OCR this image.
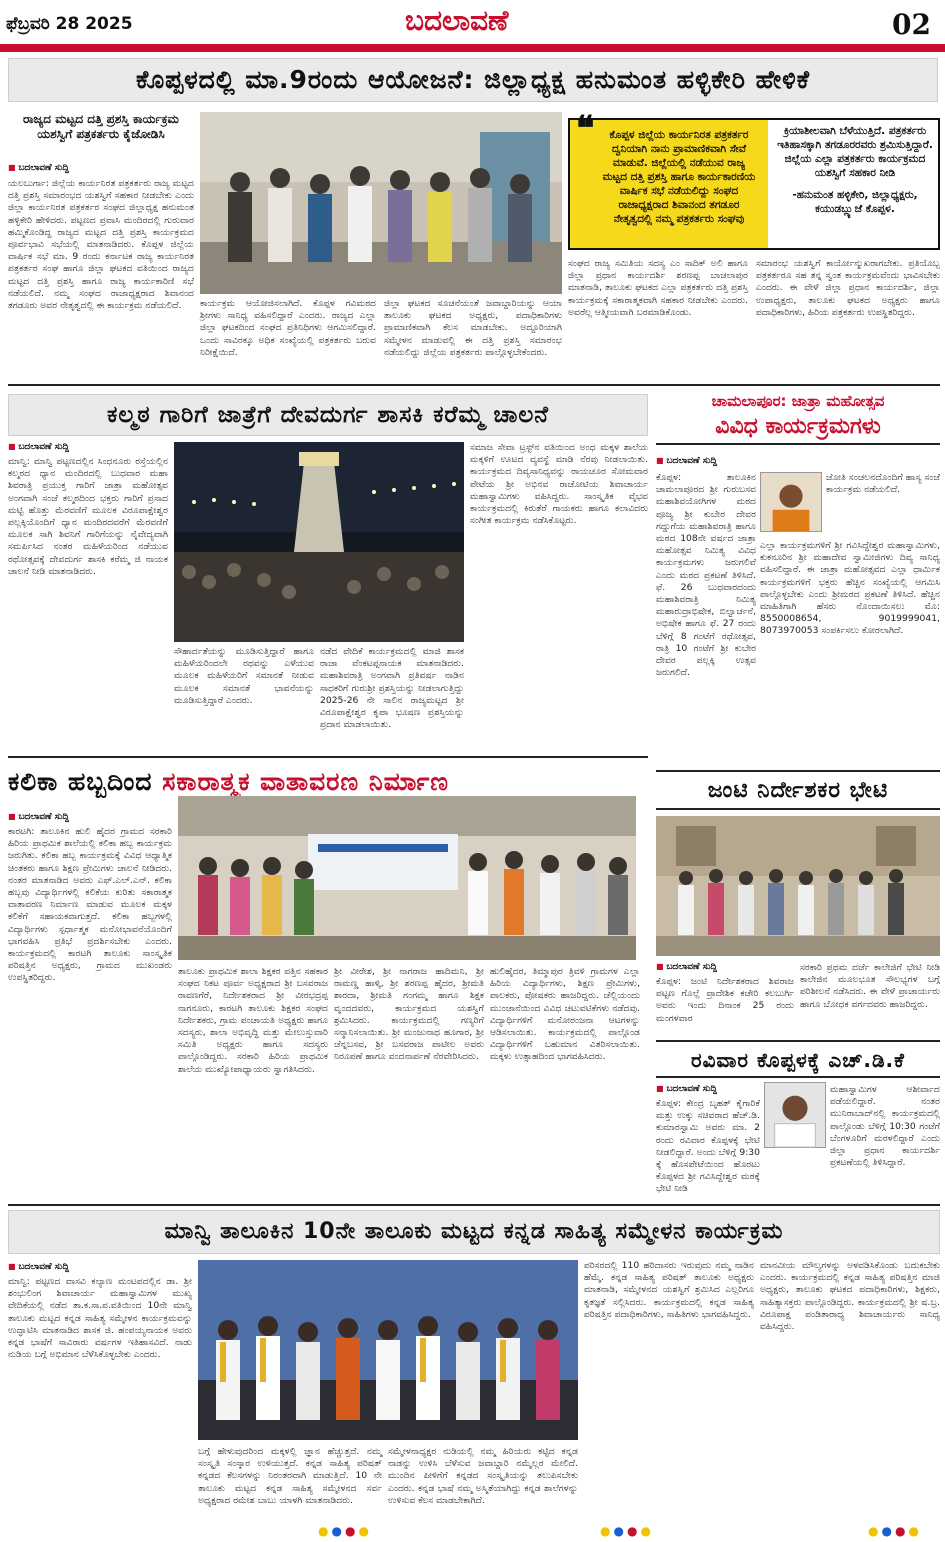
ಫೆಬ್ರವರಿ 28 2025	ಬದಲಾವಣೆ	02
ಕೊಪ್ಪಳದಲ್ಲಿ ಮಾ.9ರಂದು ಆಯೋಜನೆ: ಜಿಲ್ಲಾಧ್ಯಕ್ಷ ಹನುಮಂತ ಹಳ್ಳಿಕೇರಿ ಹೇಳಿಕೆ
ರಾಜ್ಯದ ಮಟ್ಟದ ದತ್ತಿ ಪ್ರಶಸ್ತಿ ಕಾರ್ಯಕ್ರಮ ಯಶಸ್ವಿಗೆ ಪತ್ರಕರ್ತರು ಕೈಜೋಡಿಸಿ
■ ಬದಲಾವಣೆ ಸುದ್ದಿ
ಯಲಬುರ್ಗಾ: ಜಿಲ್ಲೆಯ ಕಾರ್ಯನಿರತ ಪತ್ರಕರ್ತರು ರಾಜ್ಯ ಮಟ್ಟದ ದತ್ತಿ ಪ್ರಶಸ್ತಿ ಸಮಾರಂಭದ ಯಶಸ್ವಿಗೆ ಸಹಕಾರ ನೀಡಬೇಕು ಎಂದು ಜಿಲ್ಲಾ ಕಾರ್ಯನಿರತ ಪತ್ರಕರ್ತರ ಸಂಘದ ಜಿಲ್ಲಾಧ್ಯಕ್ಷ ಹನುಮಂತ ಹಳ್ಳಿಕೇರಿ ಹೇಳಿದರು. ಪಟ್ಟಣದ ಪ್ರವಾಸಿ ಮಂದಿರದಲ್ಲಿ ಗುರುವಾರ ಹಮ್ಮಿಕೊಂಡಿದ್ದ ರಾಜ್ಯದ ಮಟ್ಟದ ದತ್ತಿ ಪ್ರಶಸ್ತಿ ಕಾರ್ಯಕ್ರಮದ ಪೂರ್ವಭಾವಿ ಸಭೆಯಲ್ಲಿ ಮಾತನಾಡಿದರು. ಕೊಪ್ಪಳ ಜಿಲ್ಲೆಯ ವಾರ್ಷಿಕ ಸಭೆ ಮಾ. 9 ರಂದು ಕರ್ನಾಟಕ ರಾಜ್ಯ ಕಾರ್ಯನಿರತ ಪತ್ರಕರ್ತರ ಸಂಘ ಹಾಗೂ ಜಿಲ್ಲಾ ಘಟಕದ ವತಿಯಿಂದ ರಾಜ್ಯದ ಮಟ್ಟದ ದತ್ತಿ ಪ್ರಶಸ್ತಿ ಹಾಗೂ ರಾಜ್ಯ ಕಾರ್ಯಕಾರಿಣಿ ಸಭೆ ನಡೆಯಲಿದೆ. ನಮ್ಮ ಸಂಘದ ರಾಜಾಧ್ಯಕ್ಷರಾದ ಶಿವಾನಂದ ತಗಡೂರು ಅವರ ನೇತೃತ್ವದಲ್ಲಿ ಈ ಕಾರ್ಯಕ್ರಮ ನಡೆಯಲಿದೆ.	ಕಾರ್ಯಕ್ರಮ ಆಯೋಜಿಸಲಾಗಿದೆ. ಕೊಪ್ಪಳ ಗವಿಮಠದ ಶ್ರೀಗಳು ಸಾನಿಧ್ಯ ವಹಿಸಲಿದ್ದಾರೆ ಎಂದರು. ರಾಜ್ಯದ ಎಲ್ಲಾ ಜಿಲ್ಲಾ ಘಟಕದಿಂದ ಸಂಘದ ಪ್ರತಿನಿಧಿಗಳು ಆಗಮಿಸಲಿದ್ದಾರೆ. ಒಂದು ಸಾವಿರಕ್ಕೂ ಅಧಿಕ ಸಂಖ್ಯೆಯಲ್ಲಿ ಪತ್ರಕರ್ತರು ಬರುವ ನಿರೀಕ್ಷೆಯಿದೆ.
ಜಿಲ್ಲಾ ಘಟಕದ ಸೂಚನೆಯಂತೆ ಜವಾಬ್ದಾರಿಯನ್ನು ಆಯಾ ತಾಲೂಕು ಘಟಕದ ಅಧ್ಯಕ್ಷರು, ಪದಾಧಿಕಾರಿಗಳು ಪ್ರಾಮಾಣಿಕವಾಗಿ ಕೆಲಸ ಮಾಡಬೇಕು. ಅದ್ದೂರಿಯಾಗಿ ಸಮ್ಮೇಳನ ಮಾಡುವಲ್ಲಿ ಈ ದತ್ತಿ ಪ್ರಶಸ್ತಿ ಸಮಾರಂಭ ನಡೆಯಲಿದ್ದು ಜಿಲ್ಲೆಯ ಪತ್ರಕರ್ತರು ಪಾಲ್ಗೊಳ್ಳಬೇಕೆಂದರು.
❝ ಕೊಪ್ಪಳ ಜಿಲ್ಲೆಯ ಕಾರ್ಯನಿರತ ಪತ್ರಕರ್ತರ ದ್ವನಿಯಾಗಿ ನಾನು ಪ್ರಾಮಾಣಿಕವಾಗಿ ಸೇವೆ ಮಾಡುವೆ. ಜಿಲ್ಲೆಯಲ್ಲಿ ನಡೆಯುವ ರಾಜ್ಯ ಮಟ್ಟದ ದತ್ತಿ ಪ್ರಶಸ್ತಿ ಹಾಗೂ ಕಾರ್ಯಕಾರಣಿಯ ವಾರ್ಷಿಕ ಸಭೆ ನಡೆಯಲಿದ್ದು ಸಂಘದ ರಾಜಾಧ್ಯಕ್ಷರಾದ ಶಿವಾನಂದ ತಗಡೂರ ನೇತೃತ್ವದಲ್ಲಿ ನಮ್ಮ ಪತ್ರಕರ್ತರು ಸಂಘವು
ಕ್ರಿಯಾಶೀಲವಾಗಿ ಬೆಳೆಯುತ್ತಿದೆ. ಪತ್ರಕರ್ತರು ಇತಿಹಾಸಕ್ಕಾಗಿ ತಗಡೂರರವರು ಶ್ರಮಿಸುತ್ತಿದ್ದಾರೆ. ಜಿಲ್ಲೆಯ ಎಲ್ಲಾ ಪತ್ರಕರ್ತರು ಕಾರ್ಯಕ್ರಮದ ಯಶಸ್ವಿಗೆ ಸಹಕಾರ ನೀಡಿ
-ಹನುಮಂತ ಹಳ್ಳಿಕೇರಿ, ಜಿಲ್ಲಾಧ್ಯಕ್ಷರು, ಕಯುಡಬ್ಲ್ಯುಜೆ ಕೊಪ್ಪಳ.
ಸಂಘದ ರಾಜ್ಯ ಸಮಿತಿಯ ಸದಸ್ಯ ಎಂ ಸಾದಿಕ್ ಅಲಿ ಹಾಗೂ ಜಿಲ್ಲಾ ಪ್ರಧಾನ ಕಾರ್ಯದರ್ಶಿ ಶರಣಪ್ಪ ಬಾಚಲಾಪುರ ಮಾತನಾಡಿ, ತಾಲೂಕು ಘಟಕದ ಎಲ್ಲಾ ಪತ್ರಕರ್ತರು ದತ್ತಿ ಪ್ರಶಸ್ತಿ ಕಾರ್ಯಕ್ರಮಕ್ಕೆ ಸಕಾರಾತ್ಮಕವಾಗಿ ಸಹಕಾರ ನೀಡಬೇಕು ಎಂದರು. ಅವರೆಲ್ಲ ಆತ್ಮೀಯವಾಗಿ ಬರಮಾಡಿಕೊಂಡು.
ಸಮಾರಂಭ ಯಶಸ್ವಿಗೆ ಕಾರ್ಯೋನ್ಮುಖರಾಗಬೇಕು. ಪ್ರತಿಯೊಬ್ಬ ಪತ್ರಕರ್ತರೂ ಸಹ ತನ್ನ ಸ್ವಂತ ಕಾರ್ಯಕ್ರಮವೆಂದು ಭಾವಿಸಬೇಕು ಎಂದರು. ಈ ವೇಳೆ ಜಿಲ್ಲಾ ಪ್ರಧಾನ ಕಾರ್ಯದರ್ಶಿ, ಜಿಲ್ಲಾ ಉಪಾಧ್ಯಕ್ಷರು, ತಾಲೂಕು ಘಟಕದ ಅಧ್ಯಕ್ಷರು ಹಾಗೂ ಪದಾಧಿಕಾರಿಗಳು, ಹಿರಿಯ ಪತ್ರಕರ್ತರು ಉಪಸ್ಥಿತರಿದ್ದರು.
ಕಲ್ಮಠ ಗಾರಿಗೆ ಜಾತ್ರೆಗೆ ದೇವದುರ್ಗ ಶಾಸಕಿ ಕರೆಮ್ಮ ಚಾಲನೆ
■ ಬದಲಾವಣೆ ಸುದ್ದಿ
ಮಾನ್ವಿ: ಮಾನ್ವಿ ಪಟ್ಟಣದಲ್ಲಿನ ಸಿಂಧನೂರು ರಸ್ತೆಯಲ್ಲಿನ ಕಲ್ಮಠದ ಧ್ಯಾನ ಮಂದಿರದಲ್ಲಿ ಬುಧವಾರ ಮಹಾ ಶಿವರಾತ್ರಿ ಪ್ರಯುಕ್ತ ಗಾರಿಗೆ ಜಾತ್ರಾ ಮಹೋತ್ಸವ ಅಂಗವಾಗಿ ಸಂಜೆ ಕಲ್ಮಠದಿಂದ ಭಕ್ತರು ಗಾರಿಗೆ ಪ್ರಸಾದ ಮಟ್ಟಿ ಹೊತ್ತು ಮೆರವಣಿಗೆ ಮೂಲಕ ವಿರೂಪಾಕ್ಷೇಶ್ವರ ಪಲ್ಲಕ್ಕಿಯೊಂದಿಗೆ ಧ್ಯಾನ ಮಂದಿರದವರೆಗೆ ಮೆರವಣಿಗೆ ಮೂಲಕ ಸಾಗಿ ಶಿವನಿಗೆ ಗಾರಿಗೆಯನ್ನು ನೈವೇದ್ಯವಾಗಿ ಸಮರ್ಪಿಸಿದ ನಂತರ ಮಹಿಳೆಯರಿಂದ ನಡೆಯುವ ರಥೋತ್ಸವಕ್ಕೆ ದೇವದುರ್ಗ ಶಾಸಕಿ ಕರೆಮ್ಮ ಜಿ ನಾಯಕ ಚಾಲನೆ ನೀಡಿ ಮಾತನಾಡಿದರು.
ಸೌಹಾರ್ದತೆಯನ್ನು ಮೂಡಿಸುತ್ತಿದ್ದಾರೆ ಹಾಗೂ ಮಹಿಳೆಯರಿಂದಲೇ ರಥವನ್ನು ಎಳೆಯುವ ಮೂಲಕ ಮಹಿಳೆಯರಿಗೆ ಸಮಾನತೆ ನೀಡುವ ಮೂಲಕ ಸಮಾನತೆ ಭಾವನೆಯನ್ನು ಮೂಡಿಸುತ್ತಿದ್ದಾರೆ ಎಂದರು.
ನಡೆದ ವೇದಿಕೆ ಕಾರ್ಯಕ್ರಮದಲ್ಲಿ ಮಾಜಿ ಶಾಸಕ ರಾಜಾ ವೆಂಕಟಪ್ಪನಾಯಕ ಮಾತನಾಡಿದರು. ಮಹಾಶಿವರಾತ್ರಿ ಅಂಗವಾಗಿ ಪ್ರತಿವರ್ಷ ನಾಡಿನ ಸಾಧಕರಿಗೆ ಗುರುಶ್ರೀ ಪ್ರಶಸ್ತಿಯನ್ನು ನೀಡಲಾಗುತ್ತಿದ್ದು 2025-26 ನೇ ಸಾಲಿನ ರಾಜ್ಯಮಟ್ಟದ ಶ್ರೀ ವಿರೂಪಾಕ್ಷೇಶ್ವರ ಕೃಪಾ ಭೂಷಣ ಪ್ರಶಸ್ತಿಯನ್ನು ಪ್ರದಾನ ಮಾಡಲಾಯಿತು.
ಸಮಾಜ ಸೇವಾ ಟ್ರಸ್ಟ್‌ನ ವತಿಯಿಂದ ಅಂಧ ಮಕ್ಕಳ ಶಾಲೆಯ ಮಕ್ಕಳಿಗೆ ಊಟದ ವ್ಯವಸ್ಥೆ ಮಾಡಿ ನೆರವು ನೀಡಲಾಯಿತು. ಕಾರ್ಯಕ್ರಮದ ದಿವ್ಯಸಾನಿಧ್ಯವನ್ನು ರಾಯಚೂರ ಸೋಮವಾರ ಪೇಟೆಯ ಶ್ರೀ ಅಭಿನವ ರಾಚೋಟಿಯ ಶಿವಾಚಾರ್ಯ ಮಹಾಸ್ವಾಮಿಗಳು ವಹಿಸಿದ್ದರು. ಸಾಂಸ್ಕೃತಿಕ ವೈಭವ ಕಾರ್ಯಕ್ರಮದಲ್ಲಿ ಕಿರುತೆರೆ ಗಾಯಕರು ಹಾಗೂ ಕಲಾವಿದರು ಸಂಗೀತ ಕಾರ್ಯಕ್ರಮ ನಡೆಸಿಕೊಟ್ಟರು.
ಚಾಮಲಾಪೂರ: ಜಾತ್ರಾ ಮಹೋತ್ಸವ
ವಿವಿಧ ಕಾರ್ಯಕ್ರಮಗಳು
■ ಬದಲಾವಣೆ ಸುದ್ದಿ
ಜೋತಿ ಸಂಚಲನದೊಂದಿಗೆ ಹಾಸ್ಯ ಸಂಜೆ ಕಾರ್ಯಕ್ರಮ ನಡೆಯಲಿದೆ.
ಕೊಪ್ಪಳ: ತಾಲೂಕಿನ ಚಾಮಲಾಪೂರದ ಶ್ರೀ ಗುರುಬಸವ ಮಹಾಶಿವಯೋಗಿಗಳ ಮಠದ ಪೂಜ್ಯ ಶ್ರೀ ಕುಬೇರ ದೇವರ ಗದ್ದುಗೆಯ ಮಹಾಶಿವರಾತ್ರಿ ಹಾಗೂ ಮಠದ 108ನೇ ವರ್ಷದ ಜಾತ್ರಾ ಮಹೋತ್ಸವ ನಿಮಿತ್ಯ ವಿವಿಧ ಕಾರ್ಯಕ್ರಮಗಳು ಜರುಗಲಿವೆ ಎಂದು ಮಠದ ಪ್ರಕಟಣೆ ತಿಳಿಸಿದೆ. ಫೆ. 26 ಬುಧವಾರದಂದು ಮಹಾಶಿವರಾತ್ರಿ ನಿಮಿತ್ಯ ಮಹಾರುದ್ರಾಭಿಷೇಕ, ಬಿಲ್ವಾರ್ಚನೆ, ಅಭಿಷೇಕ ಹಾಗೂ ಫೆ. 27 ರಂದು ಬೆಳಿಗ್ಗೆ 8 ಗಂಟೆಗೆ ರಥೋತ್ಸವ, ರಾತ್ರಿ 10 ಗಂಟೆಗೆ ಶ್ರೀ ಕುಬೇರ ದೇವರ ಪಲ್ಲಕ್ಕಿ ಉತ್ಸವ ಜರುಗಲಿದೆ.
ಎಲ್ಲಾ ಕಾರ್ಯಕ್ರಮಗಳಿಗೆ ಶ್ರೀ ಗವಿಸಿದ್ಧೇಶ್ವರ ಮಹಾಸ್ವಾಮಿಗಳು, ಕುಕನೂರಿನ ಶ್ರೀ ಮಹಾದೇವ ಸ್ವಾಮೀಜಿಗಳು ದಿವ್ಯ ಸಾನಿಧ್ಯ ವಹಿಸಲಿದ್ದಾರೆ. ಈ ಜಾತ್ರಾ ಮಹೋತ್ಸವದ ಎಲ್ಲಾ ಧಾರ್ಮಿಕ ಕಾರ್ಯಕ್ರಮಗಳಿಗೆ ಭಕ್ತರು ಹೆಚ್ಚಿನ ಸಂಖ್ಯೆಯಲ್ಲಿ ಆಗಮಿಸಿ ಪಾಲ್ಗೊಳ್ಳಬೇಕು ಎಂದು ಶ್ರೀಮಠದ ಪ್ರಕಟಣೆ ತಿಳಿಸಿದೆ. ಹೆಚ್ಚಿನ ಮಾಹಿತಿಗಾಗಿ ಹೆಸರು ನೊಂದಾಯಿಸಲು ಮೊ: 8550008654, 9019999041, 8073970053 ಸಂಪರ್ಕಿಸಲು ಕೋರಲಾಗಿದೆ.
ಕಲಿಕಾ ಹಬ್ಬದಿಂದ ಸಕಾರಾತ್ಮಕ ವಾತಾವರಣ ನಿರ್ಮಾಣ
■ ಬದಲಾವಣೆ ಸುದ್ದಿ
ಕಾರಟಗಿ: ತಾಲೂಕಿನ ಹುಲಿ ಹೈದರ ಗ್ರಾಮದ ಸರಕಾರಿ ಹಿರಿಯ ಪ್ರಾಥಮಿಕ ಶಾಲೆಯಲ್ಲಿ ಕಲಿಕಾ ಹಬ್ಬ ಕಾರ್ಯಕ್ರಮ ಜರುಗಿತು. ಕಲಿಕಾ ಹಬ್ಬ ಕಾರ್ಯಕ್ರಮಕ್ಕೆ ವಿವಿಧ ಆಧ್ಯಾತ್ಮಿಕ ಚಿಂತಕರು ಹಾಗೂ ಶಿಕ್ಷಣ ಪ್ರೇಮಿಗಳು ಚಾಲನೆ ನೀಡಿದರು. ನಂತರ ಮಾತನಾಡಿದ ಅವರು ಎಫ್.ಎಲ್.ಎನ್. ಕಲಿಕಾ ಹಬ್ಬವು ವಿದ್ಯಾರ್ಥಿಗಳಲ್ಲಿ ಕಲಿಕೆಯ ಕುರಿತು ಸಕಾರಾತ್ಮಕ ವಾತಾವರಣ ನಿರ್ಮಾಣ ಮಾಡುವ ಮೂಲಕ ಮಕ್ಕಳ ಕಲಿಕೆಗೆ ಸಹಾಯಕವಾಗುತ್ತದೆ. ಕಲಿಕಾ ಹಬ್ಬಗಳಲ್ಲಿ ವಿದ್ಯಾರ್ಥಿಗಳು ಸ್ಪರ್ಧಾತ್ಮಕ ಮನೋಭಾವನೆಯೊಂದಿಗೆ ಭಾಗವಹಿಸಿ ಪ್ರತಿಭೆ ಪ್ರದರ್ಶಿಸಬೇಕು ಎಂದರು. ಕಾರ್ಯಕ್ರಮದಲ್ಲಿ ಕಾರಟಗಿ ತಾಲೂಕು ಸಾಂಸ್ಕೃತಿಕ ಪರಿಷತ್ತಿನ ಅಧ್ಯಕ್ಷರು, ಗ್ರಾಮದ ಮುಖಂಡರು ಉಪಸ್ಥಿತರಿದ್ದರು.
ತಾಲೂಕು ಪ್ರಾಥಮಿಕ ಶಾಲಾ ಶಿಕ್ಷಕರ ಪತ್ತಿನ ಸಹಕಾರ ಸಂಘದ ನಿಕಟ ಪೂರ್ವ ಅಧ್ಯಕ್ಷರಾದ ಶ್ರೀ ಬಸವರಾಜ ರಾವಣಗೆರೆ, ನಿರ್ದೇಶಕರಾದ ಶ್ರೀ ವೀರಭದ್ರಪ್ಪ ನಾಗನೂರು, ಕಾರಟಗಿ ತಾಲೂಕು ಶಿಕ್ಷಕರ ಸಂಘದ ನಿರ್ದೇಶಕರು, ಗ್ರಾಮ ಪಂಚಾಯತಿ ಅಧ್ಯಕ್ಷರು ಹಾಗೂ ಸದಸ್ಯರು, ಶಾಲಾ ಅಭಿವೃದ್ಧಿ ಮತ್ತು ಮೇಲುಸ್ತುವಾರಿ ಸಮಿತಿ ಅಧ್ಯಕ್ಷರು ಹಾಗೂ ಸದಸ್ಯರು ಪಾಲ್ಗೊಂಡಿದ್ದರು. ಸರಕಾರಿ ಹಿರಿಯ ಪ್ರಾಥಮಿಕ ಶಾಲೆಯ ಮುಖ್ಯೋಪಾಧ್ಯಾಯರು ಸ್ವಾಗತಿಸಿದರು.
ಶ್ರೀ ವೀರೇಶ, ಶ್ರೀ ನಾಗರಾಜ ಹಾದಿಮನಿ, ಶ್ರೀ ರಾಮಣ್ಣ ಹಾಳ್ಕಿ, ಶ್ರೀ ಶರಣಪ್ಪ ಹೈದರ, ಶ್ರೀಮತಿ ಶಾರದಾ, ಶ್ರೀಮತಿ ಗಂಗಮ್ಮ ಹಾಗೂ ಶಿಕ್ಷಕ ವೃಂದದವರು, ಕಾರ್ಯಕ್ರಮದ ಯಶಸ್ವಿಗೆ ಶ್ರಮಿಸಿದರು. ಕಾರ್ಯಕ್ರಮದಲ್ಲಿ ಗಣ್ಯರಿಗೆ ಸನ್ಮಾನಿಸಲಾಯಿತು. ಶ್ರೀ ಮಂಜುನಾಥ ಹೂಗಾರ, ಶ್ರೀ ಚೆನ್ನಬಸವ, ಶ್ರೀ ಬಸವರಾಜ ಪಾಟೀಲ ಅವರು ನಿರೂಪಣೆ ಹಾಗೂ ವಂದನಾರ್ಪಣೆ ನೆರವೇರಿಸಿದರು.
ಹುಲಿಹೈದರ, ತಿಮ್ಮಾಪುರ ತ್ರಿವಳಿ ಗ್ರಾಮಗಳ ಎಲ್ಲಾ ಹಿರಿಯ ವಿದ್ಯಾರ್ಥಿಗಳು, ಶಿಕ್ಷಣ ಪ್ರೇಮಿಗಳು, ಪಾಲಕರು, ಪೋಷಕರು ಹಾಜರಿದ್ದರು. ಚೆಲ್ಲಿಯಂದು ಮುಂಜಾನೆಯಿಂದ ವಿವಿಧ ಚಟುವಟಿಕೆಗಳು ನಡೆದವು. ವಿದ್ಯಾರ್ಥಿಗಳಿಗೆ ಮನೋರಂಜನಾ ಆಟಗಳನ್ನು ಆಡಿಸಲಾಯಿತು. ಕಾರ್ಯಕ್ರಮದಲ್ಲಿ ಪಾಲ್ಗೊಂಡ ವಿದ್ಯಾರ್ಥಿಗಳಿಗೆ ಬಹುಮಾನ ವಿತರಿಸಲಾಯಿತು. ಮಕ್ಕಳು ಉತ್ಸಾಹದಿಂದ ಭಾಗವಹಿಸಿದರು.
ಜಂಟಿ ನಿರ್ದೇಶಕರ ಭೇಟಿ
■ ಬದಲಾವಣೆ ಸುದ್ದಿ
ಕೊಪ್ಪಳ: ಜಂಟಿ ನಿರ್ದೇಶಕರಾದ ಶಿವರಾಜ ಪಟ್ಟಣ ಗೊಲ್ಲೆ ಪ್ರಾದೇಶಿಕ ಕಚೇರಿ ಕಲಬುರ್ಗಿ ಅವರು ಇಂದು ದಿನಾಂಕ 25 ರಂದು ಮಂಗಳವಾರ
ಸರಕಾರಿ ಪ್ರಥಮ ದರ್ಜೆ ಕಾಲೇಜಿಗೆ ಭೇಟಿ ನೀಡಿ ಕಾಲೇಜಿನ ಮೂಲಭೂತ ಸೌಲಭ್ಯಗಳ ಬಗ್ಗೆ ಪರಿಶೀಲನೆ ನಡೆಸಿದರು. ಈ ವೇಳೆ ಪ್ರಾಚಾರ್ಯರು ಹಾಗೂ ಬೋಧಕ ವರ್ಗದವರು ಹಾಜರಿದ್ದರು.
ರವಿವಾರ ಕೊಪ್ಪಳಕ್ಕೆ ಎಚ್.ಡಿ.ಕೆ
■ ಬದಲಾವಣೆ ಸುದ್ದಿ
ಕೊಪ್ಪಳ: ಕೇಂದ್ರ ಬೃಹತ್ ಕೈಗಾರಿಕೆ ಮತ್ತು ಉಕ್ಕು ಸಚಿವರಾದ ಹೆಚ್.ಡಿ. ಕುಮಾರಸ್ವಾಮಿ ಅವರು ಮಾ. 2 ರಂದು ರವಿವಾರ ಕೊಪ್ಪಳಕ್ಕೆ ಭೇಟಿ ನೀಡಲಿದ್ದಾರೆ. ಅಂದು ಬೆಳಿಗ್ಗೆ 9:30 ಕ್ಕೆ ಹೊಸಪೇಟೆಯಿಂದ ಹೊರಟು ಕೊಪ್ಪಳದ ಶ್ರೀ ಗವಿಸಿದ್ದೇಶ್ವರ ಮಠಕ್ಕೆ ಭೇಟಿ ನೀಡಿ
ಮಹಾಸ್ವಾಮಿಗಳ ಆಶೀರ್ವಾದ ಪಡೆಯಲಿದ್ದಾರೆ. ನಂತರ ಮುನಿರಾಬಾದ್‌ನಲ್ಲಿ ಕಾರ್ಯಕ್ರಮದಲ್ಲಿ ಪಾಲ್ಗೊಂಡು ಬೆಳಿಗ್ಗೆ 10:30 ಗಂಟೆಗೆ ಬೆಂಗಳೂರಿಗೆ ಮರಳಲಿದ್ದಾರೆ ಎಂದು ಜಿಲ್ಲಾ ಪ್ರಧಾನ ಕಾರ್ಯದರ್ಶಿ ಪ್ರಕಟಣೆಯಲ್ಲಿ ತಿಳಿಸಿದ್ದಾರೆ.
ಮಾನ್ವಿ ತಾಲೂಕಿನ 10ನೇ ತಾಲೂಕು ಮಟ್ಟದ ಕನ್ನಡ ಸಾಹಿತ್ಯ ಸಮ್ಮೇಳನ ಕಾರ್ಯಕ್ರಮ
■ ಬದಲಾವಣೆ ಸುದ್ದಿ
ಮಾನ್ವಿ: ಪಟ್ಟಣದ ವಾಸವಿ ಕಲ್ಯಾಣ ಮಂಟಪದಲ್ಲಿನ ಡಾ. ಶ್ರೀ ಶಂಭುಲಿಂಗ ಶಿವಾಚಾರ್ಯ ಮಹಾಸ್ವಾಮಿಗಳ ಮುಖ್ಯ ವೇದಿಕೆಯಲ್ಲಿ ನಡೆದ ತಾ.ಕ.ಸಾ.ಪ.ವತಿಯಿಂದ 10ನೇ ಮಾನ್ವಿ ತಾಲೂಕು ಮಟ್ಟದ ಕನ್ನಡ ಸಾಹಿತ್ಯ ಸಮ್ಮೇಳನ ಕಾರ್ಯಕ್ರಮವನ್ನು ಉದ್ಘಾಟಿಸಿ ಮಾತನಾಡಿದ ಶಾಸಕ ಜಿ. ಹಂಪಯ್ಯನಾಯಕ ಅವರು ಕನ್ನಡ ಭಾಷೆಗೆ ಸಾವಿರಾರು ವರ್ಷಗಳ ಇತಿಹಾಸವಿದೆ. ನಾಡು ನುಡಿಯ ಬಗ್ಗೆ ಅಭಿಮಾನ ಬೆಳೆಸಿಕೊಳ್ಳಬೇಕು ಎಂದರು.
ಬಗ್ಗೆ ಹೇಳುವುದರಿಂದ ಮಕ್ಕಳಲ್ಲಿ ಜ್ಞಾನ ಹೆಚ್ಚುತ್ತದೆ. ನಮ್ಮ ಸಂಸ್ಕೃತಿ ಸಂಸ್ಕಾರ ಉಳಿಯುತ್ತದೆ. ಕನ್ನಡ ಸಾಹಿತ್ಯ ಪರಿಷತ್ ಕನ್ನಡದ ಕೆಲಸಗಳನ್ನು ನಿರಂತರವಾಗಿ ಮಾಡುತ್ತಿದೆ. 10 ನೇ ತಾಲೂಕು ಮಟ್ಟದ ಕನ್ನಡ ಸಾಹಿತ್ಯ ಸಮ್ಮೇಳನದ ಸರ್ವ ಅಧ್ಯಕ್ಷರಾದ ರಮೇಶ ಬಾಬು ಯಾಳಗಿ ಮಾತನಾಡಿದರು.
ಸಮ್ಮೇಳನಾಧ್ಯಕ್ಷರ ನುಡಿಯಲ್ಲಿ ನಮ್ಮ ಹಿರಿಯರು ಕಟ್ಟಿದ ಕನ್ನಡ ನಾಡನ್ನು ಉಳಿಸಿ ಬೆಳೆಸುವ ಜವಾಬ್ದಾರಿ ನಮ್ಮೆಲ್ಲರ ಮೇಲಿದೆ. ಮುಂದಿನ ಪೀಳಿಗೆಗೆ ಕನ್ನಡದ ಸಂಸ್ಕೃತಿಯನ್ನು ತಲುಪಿಸಬೇಕು ಎಂದರು. ಕನ್ನಡ ಭಾಷೆ ನಮ್ಮ ಅಸ್ಮಿತೆಯಾಗಿದ್ದು ಕನ್ನಡ ಶಾಲೆಗಳನ್ನು ಉಳಿಸುವ ಕೆಲಸ ಮಾಡಬೇಕಾಗಿದೆ.
ಪರಿಸರದಲ್ಲಿ 110 ಹರಿದಾಸರು ಇರುವುದು ನಮ್ಮ ನಾಡಿನ ಹೆಮ್ಮೆ. ಕನ್ನಡ ಸಾಹಿತ್ಯ ಪರಿಷತ್ ತಾಲೂಕು ಅಧ್ಯಕ್ಷರು ಮಾತನಾಡಿ, ಸಮ್ಮೇಳನದ ಯಶಸ್ವಿಗೆ ಶ್ರಮಿಸಿದ ಎಲ್ಲರಿಗೂ ಕೃತಜ್ಞತೆ ಸಲ್ಲಿಸಿದರು. ಕಾರ್ಯಕ್ರಮದಲ್ಲಿ ಕನ್ನಡ ಸಾಹಿತ್ಯ ಪರಿಷತ್ತಿನ ಪದಾಧಿಕಾರಿಗಳು, ಸಾಹಿತಿಗಳು ಭಾಗವಹಿಸಿದ್ದರು.
ಮಾನವೀಯ ಮೌಲ್ಯಗಳನ್ನು ಅಳವಡಿಸಿಕೊಂಡು ಬದುಕಬೇಕು ಎಂದರು. ಕಾರ್ಯಕ್ರಮದಲ್ಲಿ ಕನ್ನಡ ಸಾಹಿತ್ಯ ಪರಿಷತ್ತಿನ ಮಾಜಿ ಅಧ್ಯಕ್ಷರು, ತಾಲೂಕು ಘಟಕದ ಪದಾಧಿಕಾರಿಗಳು, ಶಿಕ್ಷಕರು, ಸಾಹಿತ್ಯಾಸಕ್ತರು ಪಾಲ್ಗೊಂಡಿದ್ದರು. ಕಾರ್ಯಕ್ರಮದಲ್ಲಿ ಶ್ರೀ ಷ.ಬ್ರ. ವಿರೂಪಾಕ್ಷ ಪಂಡಿತಾರಾಧ್ಯ ಶಿವಾಚಾರ್ಯರು ಸಾನಿಧ್ಯ ವಹಿಸಿದ್ದರು.
●●●●	●●●●	●●●●
